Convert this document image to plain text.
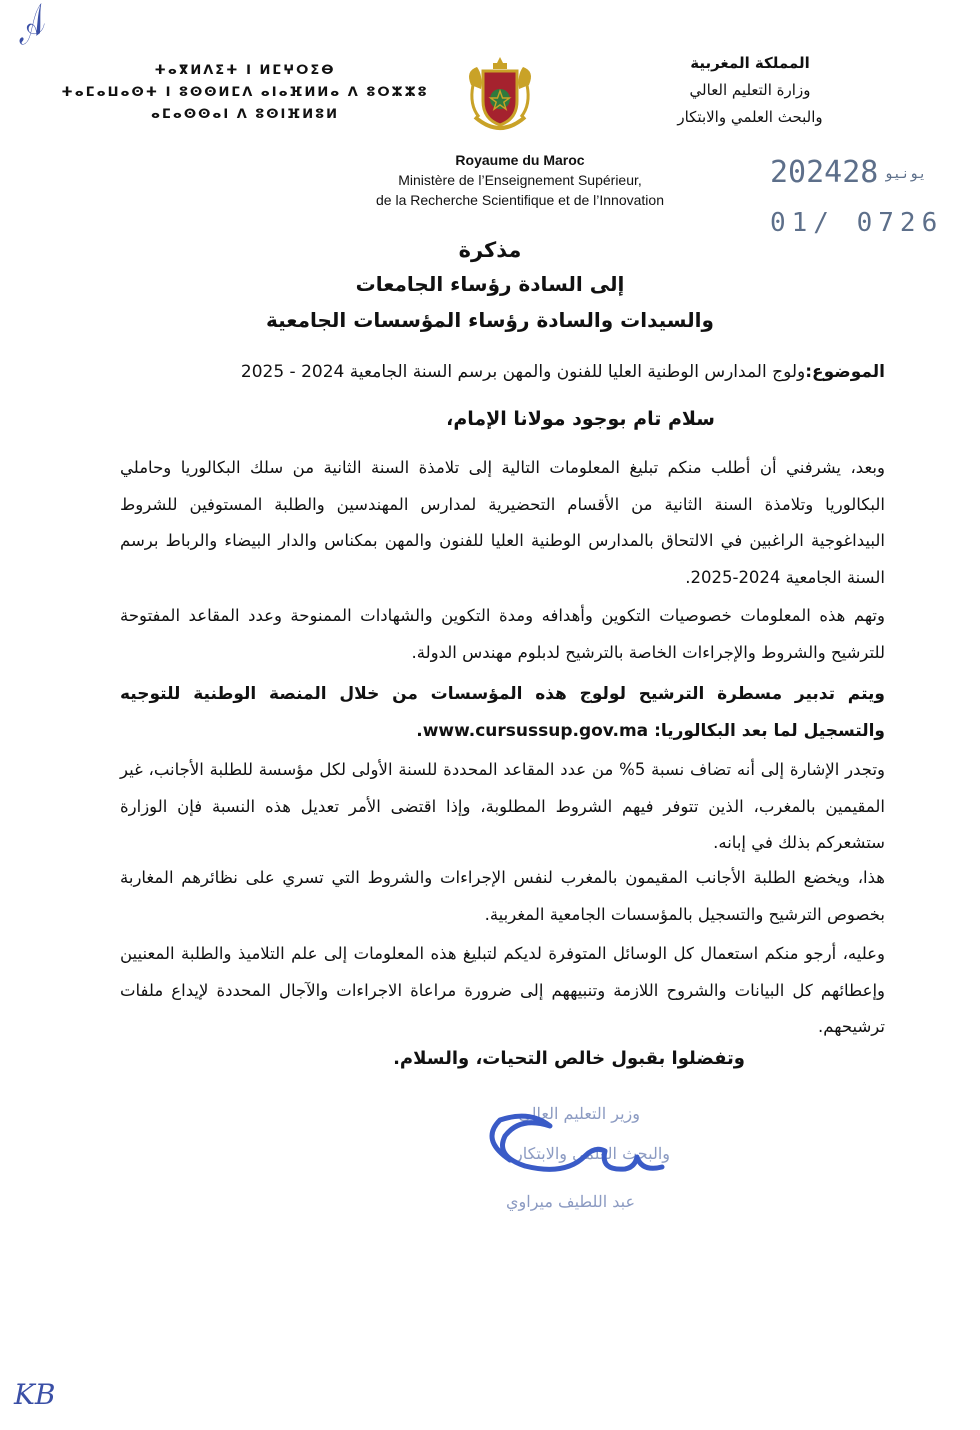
𝒜
KB
ⵜⴰⴳⵍⴷⵉⵜ ⵏ ⵍⵎⵖⵔⵉⴱ
ⵜⴰⵎⴰⵡⴰⵙⵜ ⵏ ⵓⵙⵙⵍⵎⴷ ⴰⵏⴰⴼⵍⵍⴰ ⴷ ⵓⵔⵣⵣⵓ
ⴰⵎⴰⵙⵙⴰⵏ ⴷ ⵓⵙⵏⴼⵍⵓⵍ
المملكة المغربية
وزارة التعليم العالي
والبحث العلمي والابتكار
Royaume du Maroc
Ministère de l’Enseignement Supérieur,
de la Recherche Scientifique et de l’Innovation
2024	يونيو28
01/ 0726
مذكرة
إلى السادة رؤساء الجامعات
والسيدات والسادة رؤساء المؤسسات الجامعية
الموضوع:ولوج المدارس الوطنية العليا للفنون والمهن برسم السنة الجامعية 2024 - 2025
سلام تام بوجود مولانا الإمام،
وبعد، يشرفني أن أطلب منكم تبليغ المعلومات التالية إلى تلامذة السنة الثانية من سلك البكالوريا وحاملي البكالوريا وتلامذة السنة الثانية من الأقسام التحضيرية لمدارس المهندسين والطلبة المستوفين للشروط البيداغوجية الراغبين في الالتحاق بالمدارس الوطنية العليا للفنون والمهن بمكناس والدار البيضاء والرباط برسم السنة الجامعية 2024-2025.
وتهم هذه المعلومات خصوصيات التكوين وأهدافه ومدة التكوين والشهادات الممنوحة وعدد المقاعد المفتوحة للترشيح والشروط والإجراءات الخاصة بالترشيح لدبلوم مهندس الدولة.
ويتم تدبير مسطرة الترشيح لولوج هذه المؤسسات من خلال المنصة الوطنية للتوجيه والتسجيل لما بعد البكالوريا: www.cursussup.gov.ma.
وتجدر الإشارة إلى أنه تضاف نسبة 5% من عدد المقاعد المحددة للسنة الأولى لكل مؤسسة للطلبة الأجانب، غير المقيمين بالمغرب، الذين تتوفر فيهم الشروط المطلوبة، وإذا اقتضى الأمر تعديل هذه النسبة فإن الوزارة ستشعركم بذلك في إبانه.
هذا، ويخضع الطلبة الأجانب المقيمون بالمغرب لنفس الإجراءات والشروط التي تسري على نظائرهم المغاربة بخصوص الترشيح والتسجيل بالمؤسسات الجامعية المغربية.
وعليه، أرجو منكم استعمال كل الوسائل المتوفرة لديكم لتبليغ هذه المعلومات إلى علم التلاميذ والطلبة المعنيين وإعطائهم كل البيانات والشروح اللازمة وتنبيههم إلى ضرورة مراعاة الاجراءات والآجال المحددة لإيداع ملفات ترشيحهم.
وتفضلوا بقبول خالص التحيات، والسلام.
وزير التعليم العالي
والبحث العلمي والابتكار
عبد اللطيف ميراوي
